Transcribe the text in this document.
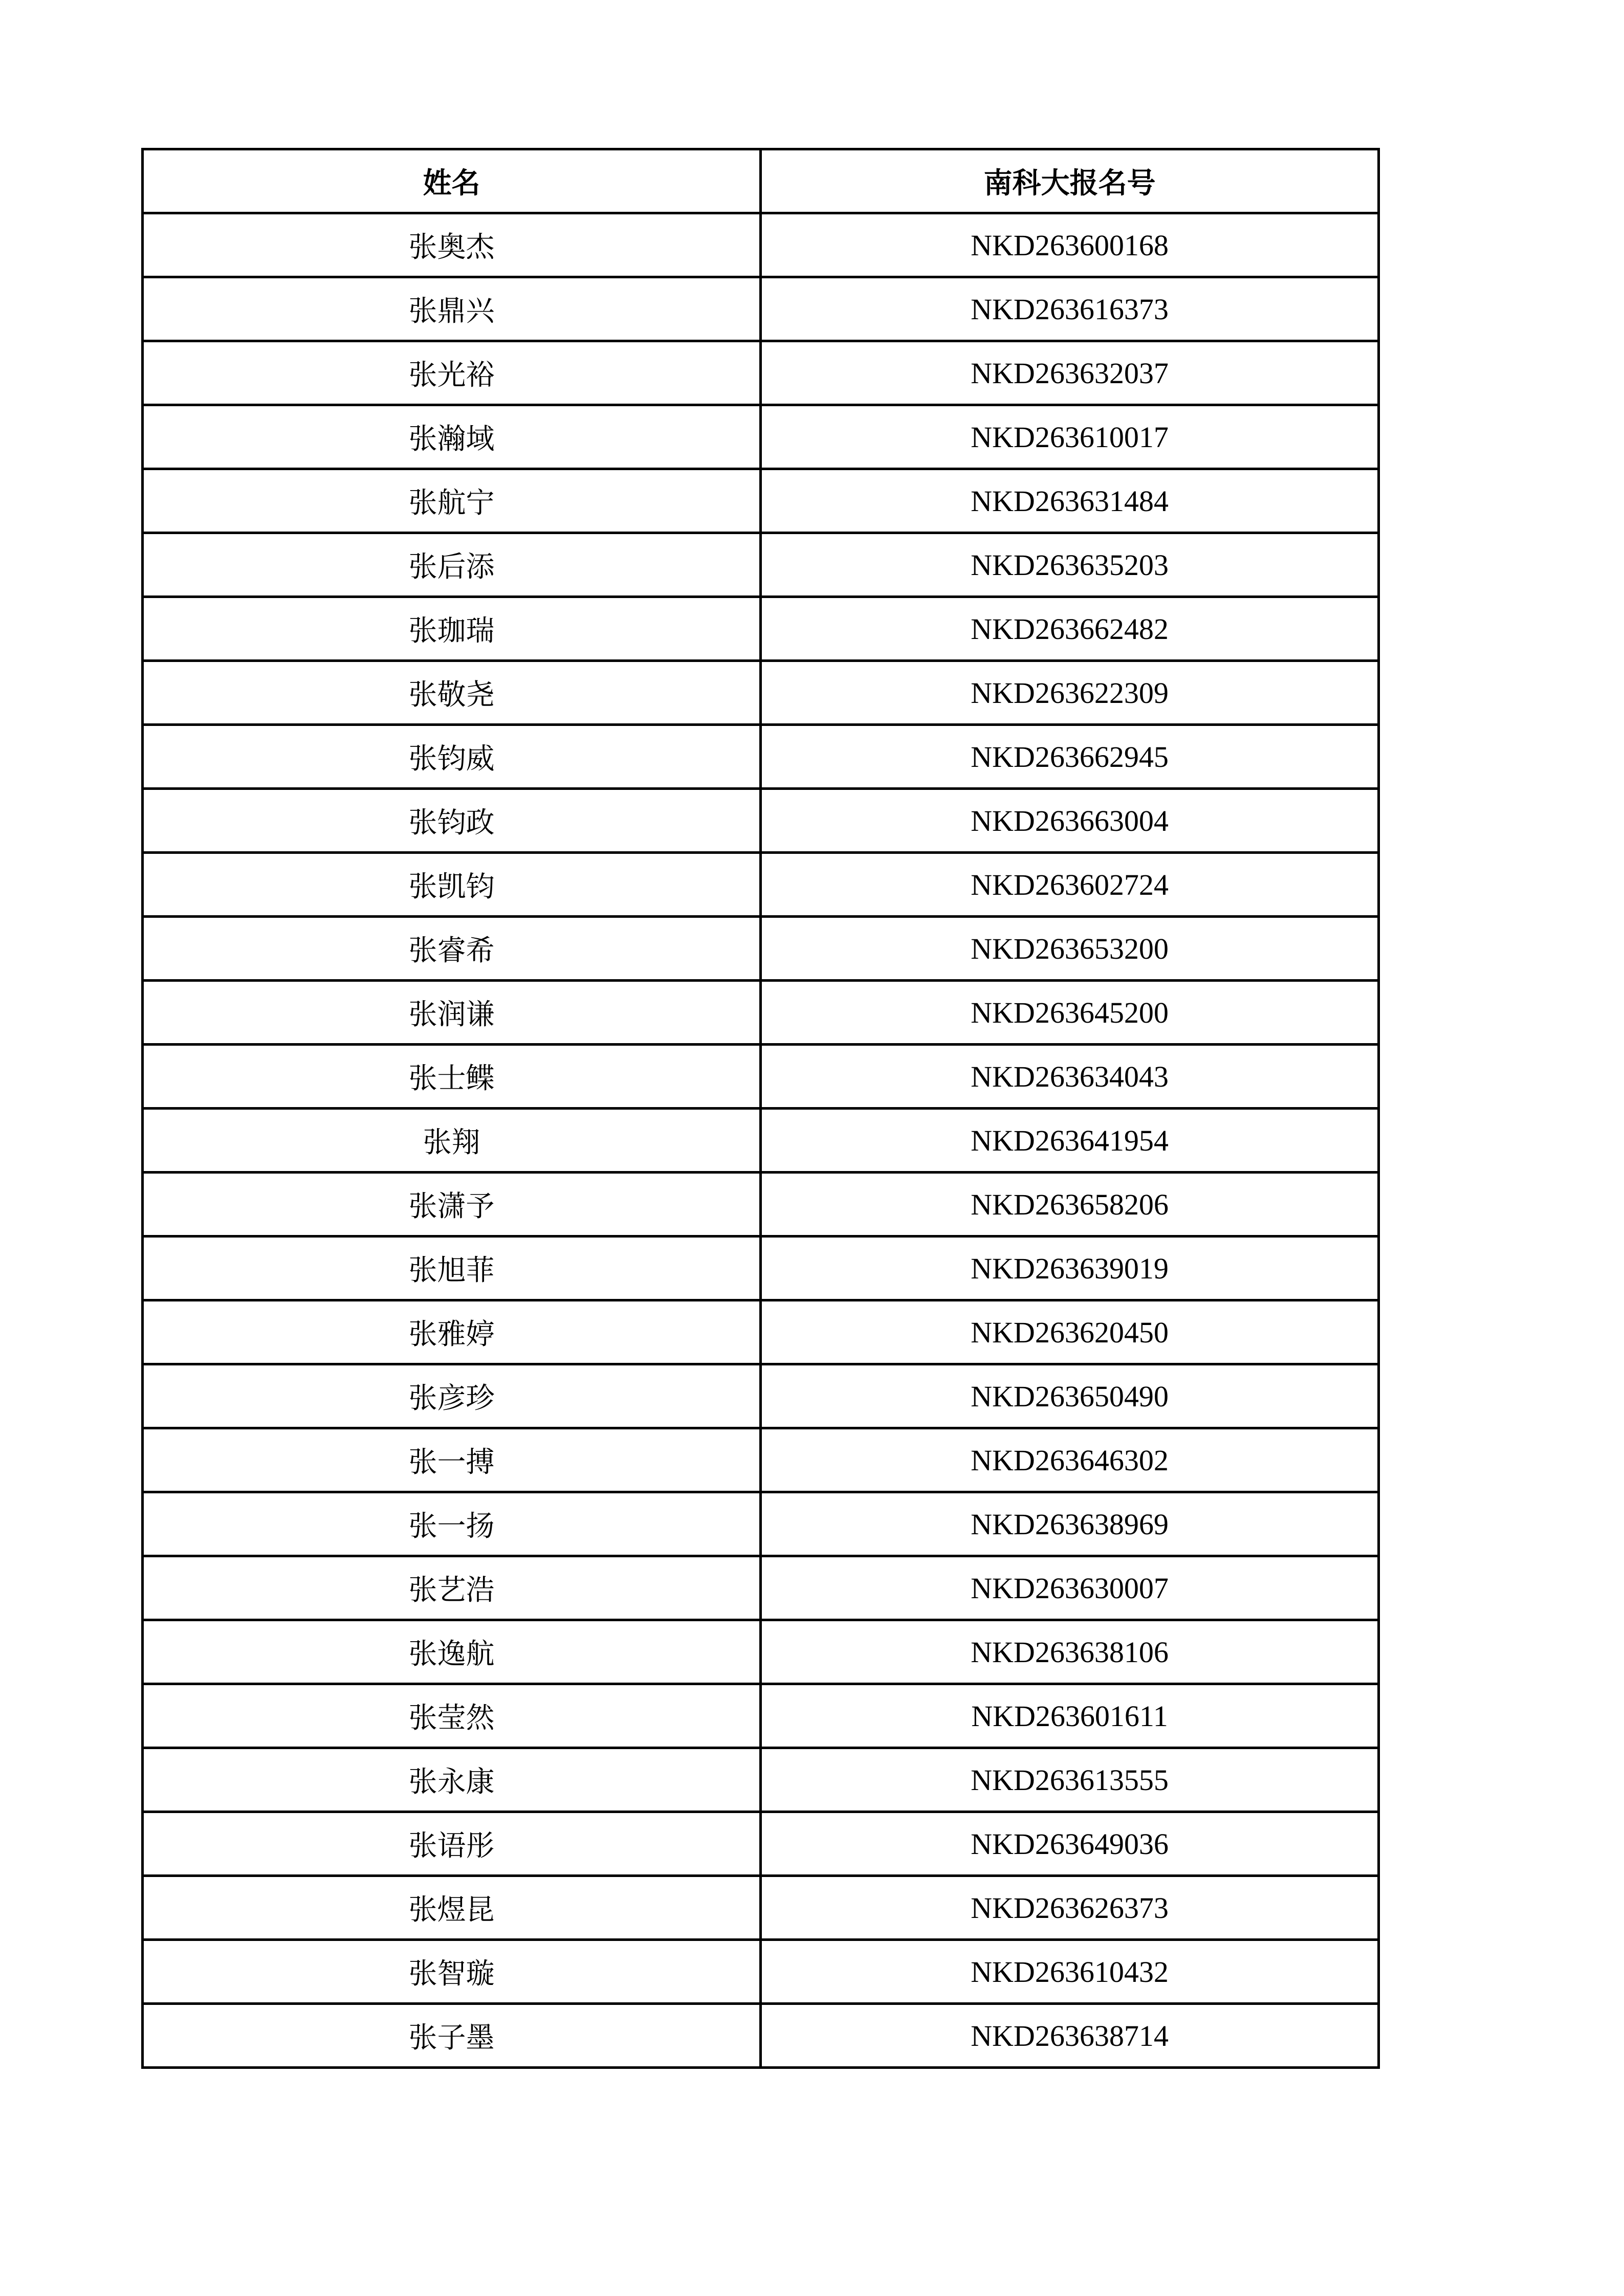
姓名	南科大报名号
张奥杰	NKD263600168
张鼎兴	NKD263616373
张光裕	NKD263632037
张瀚域	NKD263610017
张航宁	NKD263631484
张后添	NKD263635203
张珈瑞	NKD263662482
张敬尧	NKD263622309
张钧威	NKD263662945
张钧政	NKD263663004
张凯钧	NKD263602724
张睿希	NKD263653200
张润谦	NKD263645200
张士鲽	NKD263634043
张翔	NKD263641954
张潇予	NKD263658206
张旭菲	NKD263639019
张雅婷	NKD263620450
张彦珍	NKD263650490
张一搏	NKD263646302
张一扬	NKD263638969
张艺浩	NKD263630007
张逸航	NKD263638106
张莹然	NKD263601611
张永康	NKD263613555
张语彤	NKD263649036
张煜昆	NKD263626373
张智璇	NKD263610432
张子墨	NKD263638714
